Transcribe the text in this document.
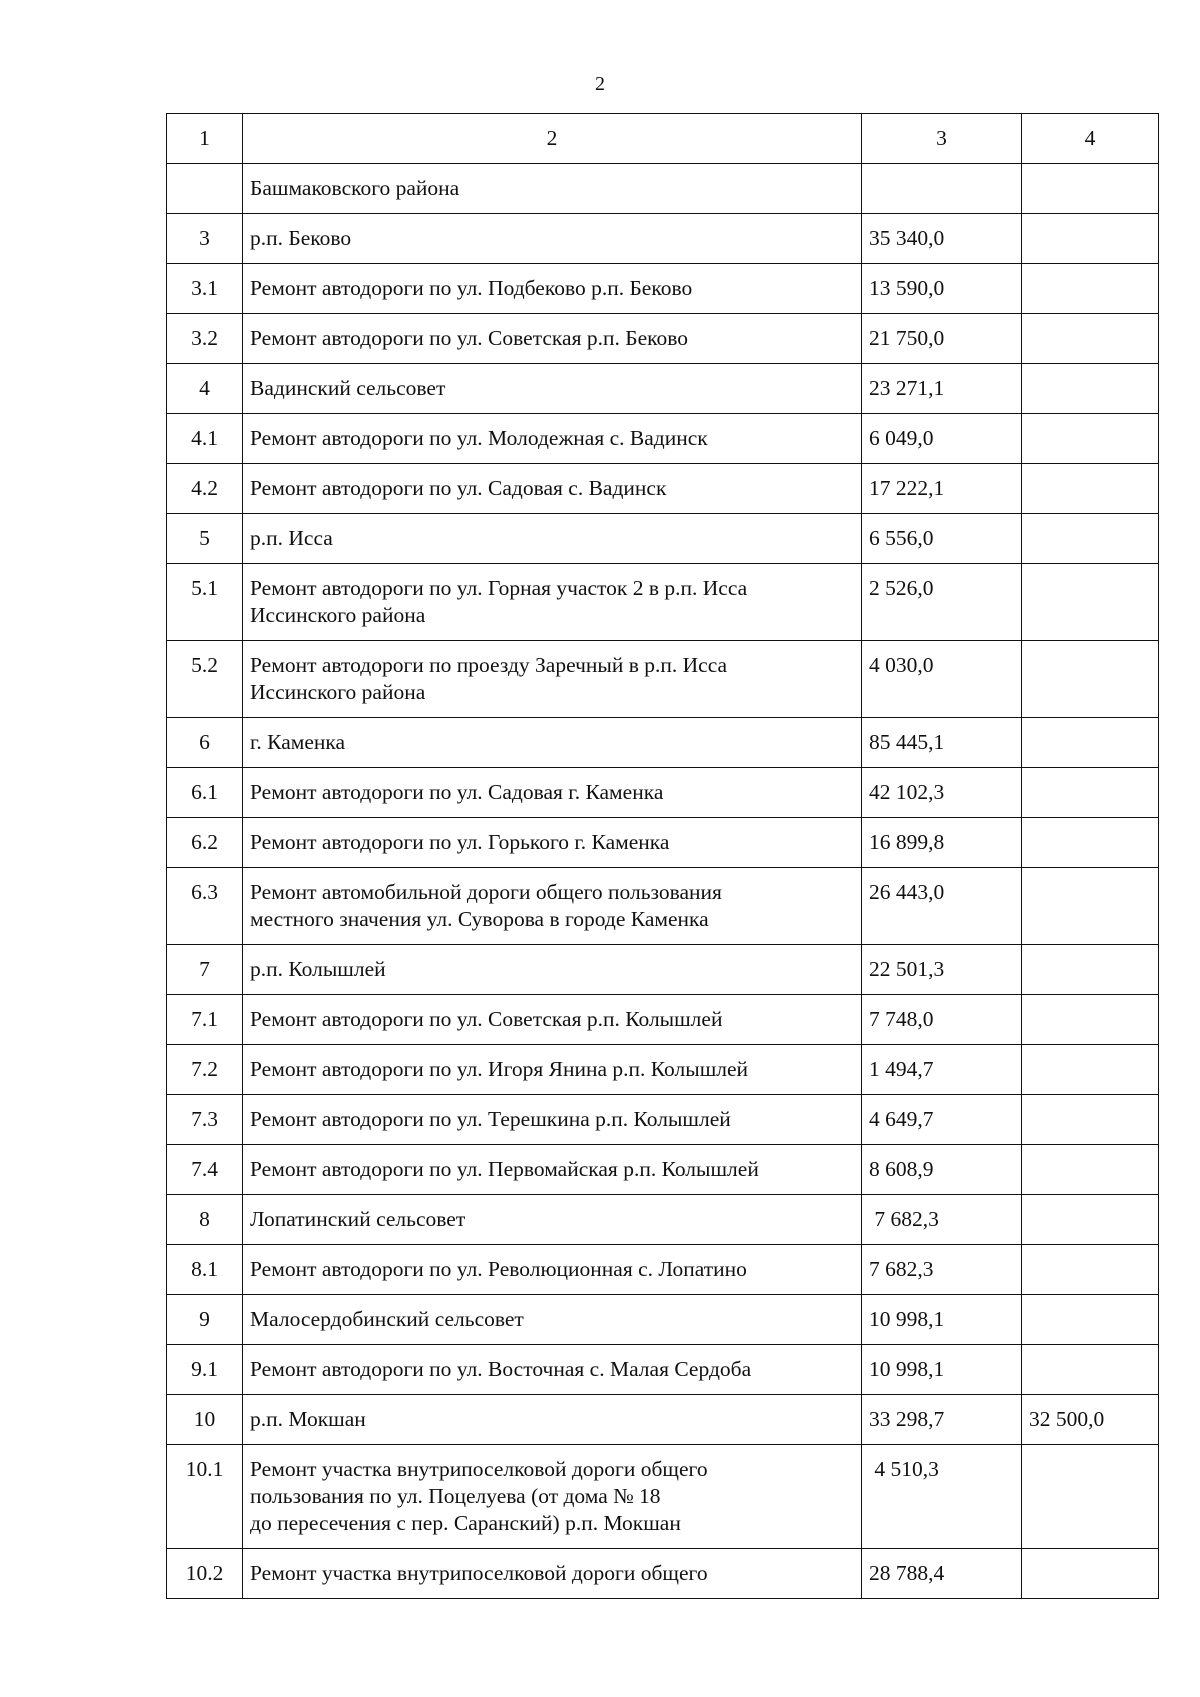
2
1	2	3	4

	Башмаковского района		

3	р.п. Беково	35 340,0	
3.1	Ремонт автодороги по ул. Подбеково р.п. Беково	13 590,0	
3.2	Ремонт автодороги по ул. Советская р.п. Беково	21 750,0	
4	Вадинский сельсовет	23 271,1	
4.1	Ремонт автодороги по ул. Молодежная с. Вадинск	6 049,0	
4.2	Ремонт автодороги по ул. Садовая с. Вадинск	17 222,1	
5	р.п. Исса	6 556,0	
5.1	Ремонт автодороги по ул. Горная участок 2 в р.п. Исса
Иссинского района	2 526,0	
5.2	Ремонт автодороги по проезду Заречный в р.п. Исса
Иссинского района	4 030,0	
6	г. Каменка	85 445,1	
6.1	Ремонт автодороги по ул. Садовая г. Каменка	42 102,3	
6.2	Ремонт автодороги по ул. Горького г. Каменка	16 899,8	
6.3	Ремонт автомобильной дороги общего пользования
местного значения ул. Суворова в городе Каменка	26 443,0	
7	р.п. Колышлей	22 501,3	
7.1	Ремонт автодороги по ул. Советская р.п. Колышлей	7 748,0	
7.2	Ремонт автодороги по ул. Игоря Янина р.п. Колышлей	1 494,7	
7.3	Ремонт автодороги по ул. Терешкина р.п. Колышлей	4 649,7	
7.4	Ремонт автодороги по ул. Первомайская р.п. Колышлей	8 608,9	
8	Лопатинский сельсовет	7 682,3	
8.1	Ремонт автодороги по ул. Революционная с. Лопатино	7 682,3	
9	Малосердобинский сельсовет	10 998,1	
9.1	Ремонт автодороги по ул. Восточная с. Малая Сердоба	10 998,1	
10	р.п. Мокшан	33 298,7	32 500,0
10.1	Ремонт участка внутрипоселковой дороги общего
пользования по ул. Поцелуева (от дома № 18
до пересечения с пер. Саранский) р.п. Мокшан	4 510,3	
10.2	Ремонт участка внутрипоселковой дороги общего	28 788,4	
